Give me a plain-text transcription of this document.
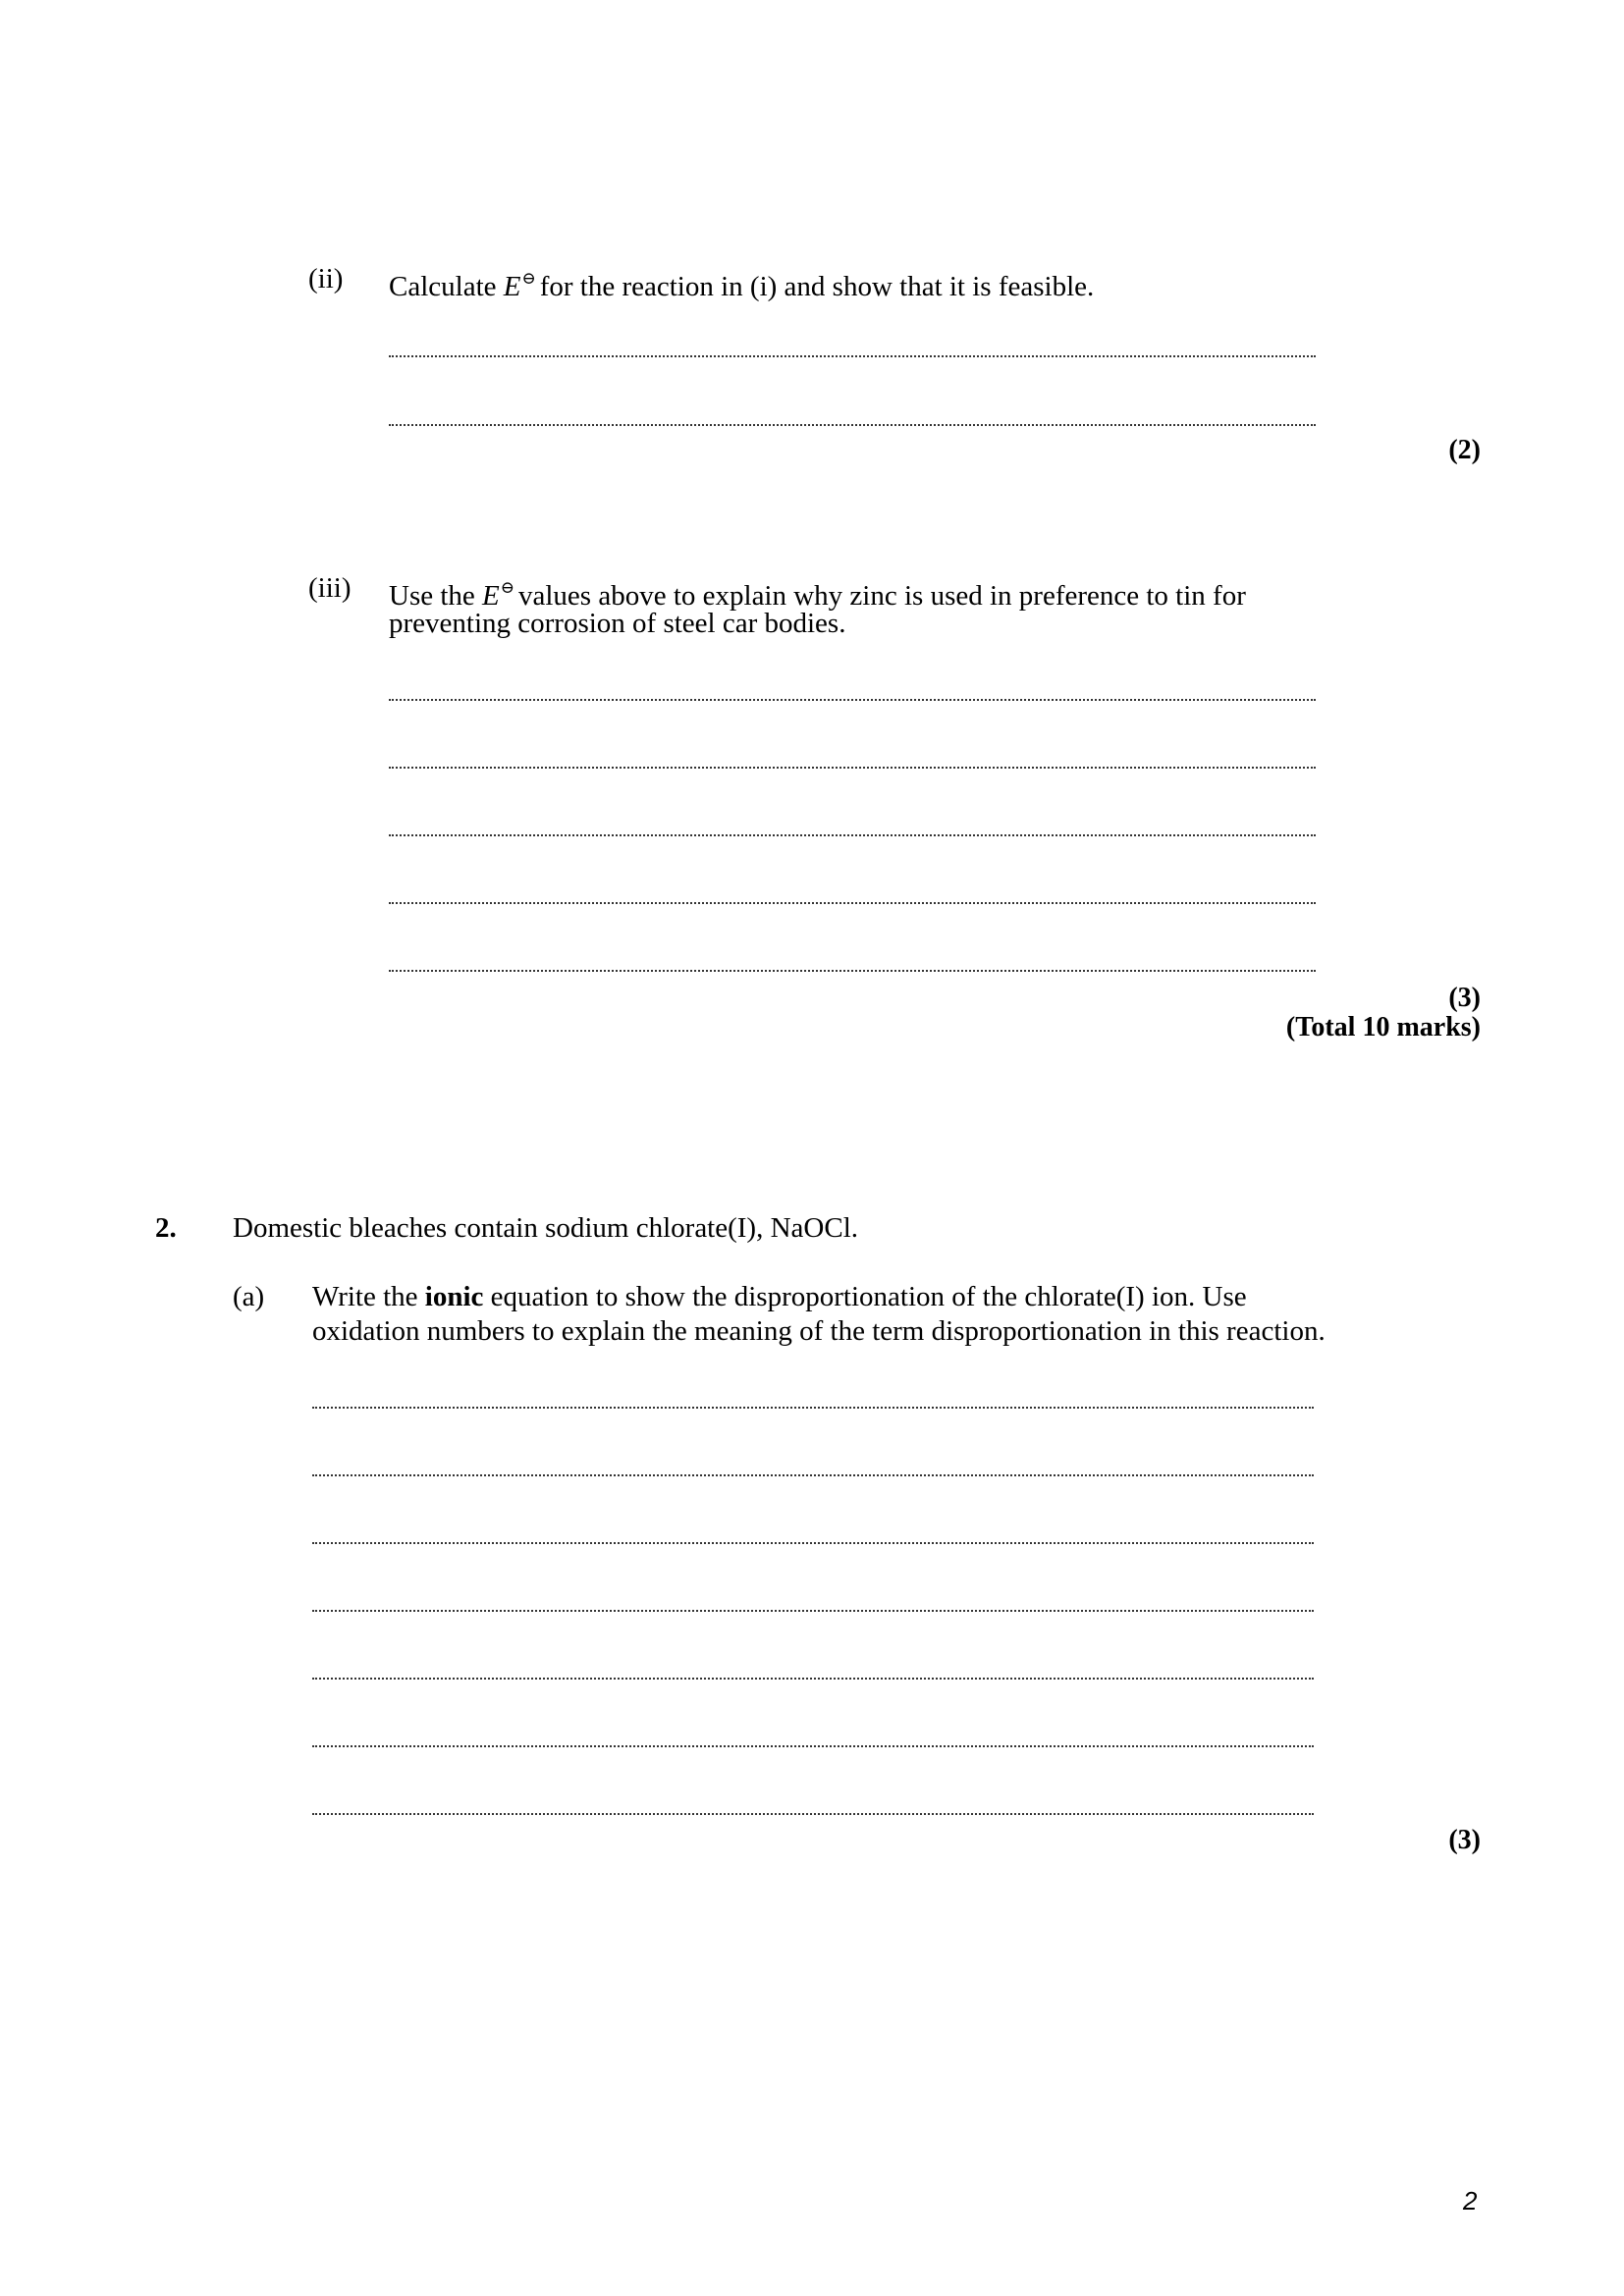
(ii) Calculate E⊖ for the reaction in (i) and show that it is feasible.
(2)
(iii) Use the E⊖ values above to explain why zinc is used in preference to tin for
preventing corrosion of steel car bodies.
(3)
(Total 10 marks)
2. Domestic bleaches contain sodium chlorate(I), NaOCl.
(a) Write the ionic equation to show the disproportionation of the chlorate(I) ion. Use
oxidation numbers to explain the meaning of the term disproportionation in this reaction.
(3)
2
